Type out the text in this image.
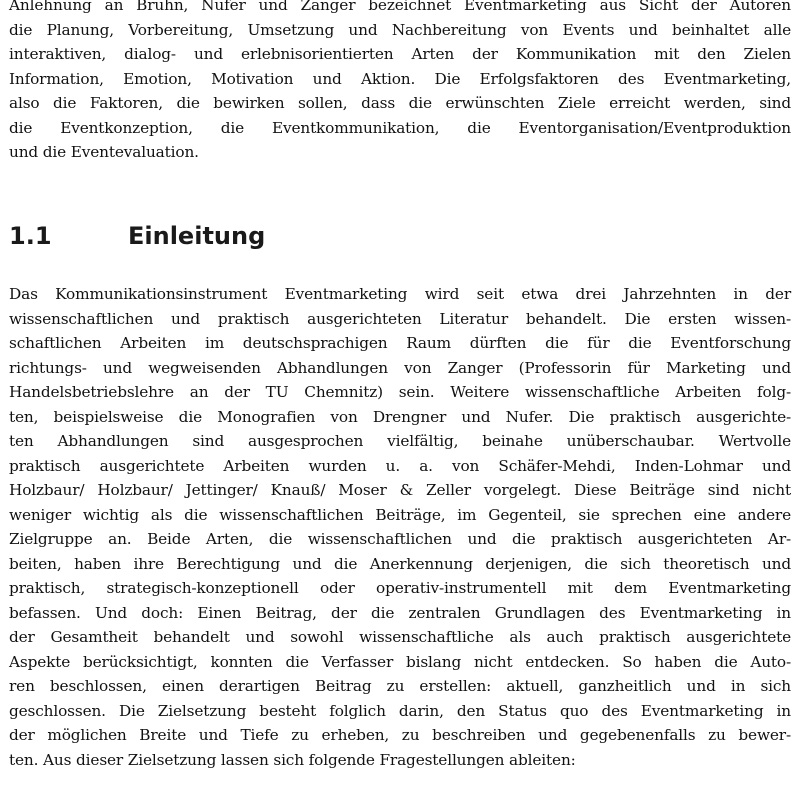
Anlehnung an Bruhn, Nufer und Zanger bezeichnet Eventmarketing aus Sicht der Autoren
die Planung, Vorbereitung, Umsetzung und Nachbereitung von Events und beinhaltet alle
interaktiven, dialog- und erlebnisorientierten Arten der Kommunikation mit den Zielen
Information, Emotion, Motivation und Aktion. Die Erfolgsfaktoren des Eventmarketing,
also die Faktoren, die bewirken sollen, dass die erwünschten Ziele erreicht werden, sind
die Eventkonzeption, die Eventkommunikation, die Eventorganisation/Eventproduktion
und die Eventevaluation.

1.1	Einleitung

Das Kommunikationsinstrument Eventmarketing wird seit etwa drei Jahrzehnten in der
wissenschaftlichen und praktisch ausgerichteten Literatur behandelt. Die ersten wissen-
schaftlichen Arbeiten im deutschsprachigen Raum dürften die für die Eventforschung
richtungs- und wegweisenden Abhandlungen von Zanger (Professorin für Marketing und
Handelsbetriebslehre an der TU Chemnitz) sein. Weitere wissenschaftliche Arbeiten folg-
ten, beispielsweise die Monografien von Drengner und Nufer. Die praktisch ausgerichte-
ten Abhandlungen sind ausgesprochen vielfältig, beinahe unüberschaubar. Wertvolle
praktisch ausgerichtete Arbeiten wurden u. a. von Schäfer-Mehdi, Inden-Lohmar und
Holzbaur/ Holzbaur/ Jettinger/ Knauß/ Moser & Zeller vorgelegt. Diese Beiträge sind nicht
weniger wichtig als die wissenschaftlichen Beiträge, im Gegenteil, sie sprechen eine andere
Zielgruppe an. Beide Arten, die wissenschaftlichen und die praktisch ausgerichteten Ar-
beiten, haben ihre Berechtigung und die Anerkennung derjenigen, die sich theoretisch und
praktisch, strategisch-konzeptionell oder operativ-instrumentell mit dem Eventmarketing
befassen. Und doch: Einen Beitrag, der die zentralen Grundlagen des Eventmarketing in
der Gesamtheit behandelt und sowohl wissenschaftliche als auch praktisch ausgerichtete
Aspekte berücksichtigt, konnten die Verfasser bislang nicht entdecken. So haben die Auto-
ren beschlossen, einen derartigen Beitrag zu erstellen: aktuell, ganzheitlich und in sich
geschlossen. Die Zielsetzung besteht folglich darin, den Status quo des Eventmarketing in
der möglichen Breite und Tiefe zu erheben, zu beschreiben und gegebenenfalls zu bewer-
ten. Aus dieser Zielsetzung lassen sich folgende Fragestellungen ableiten:
